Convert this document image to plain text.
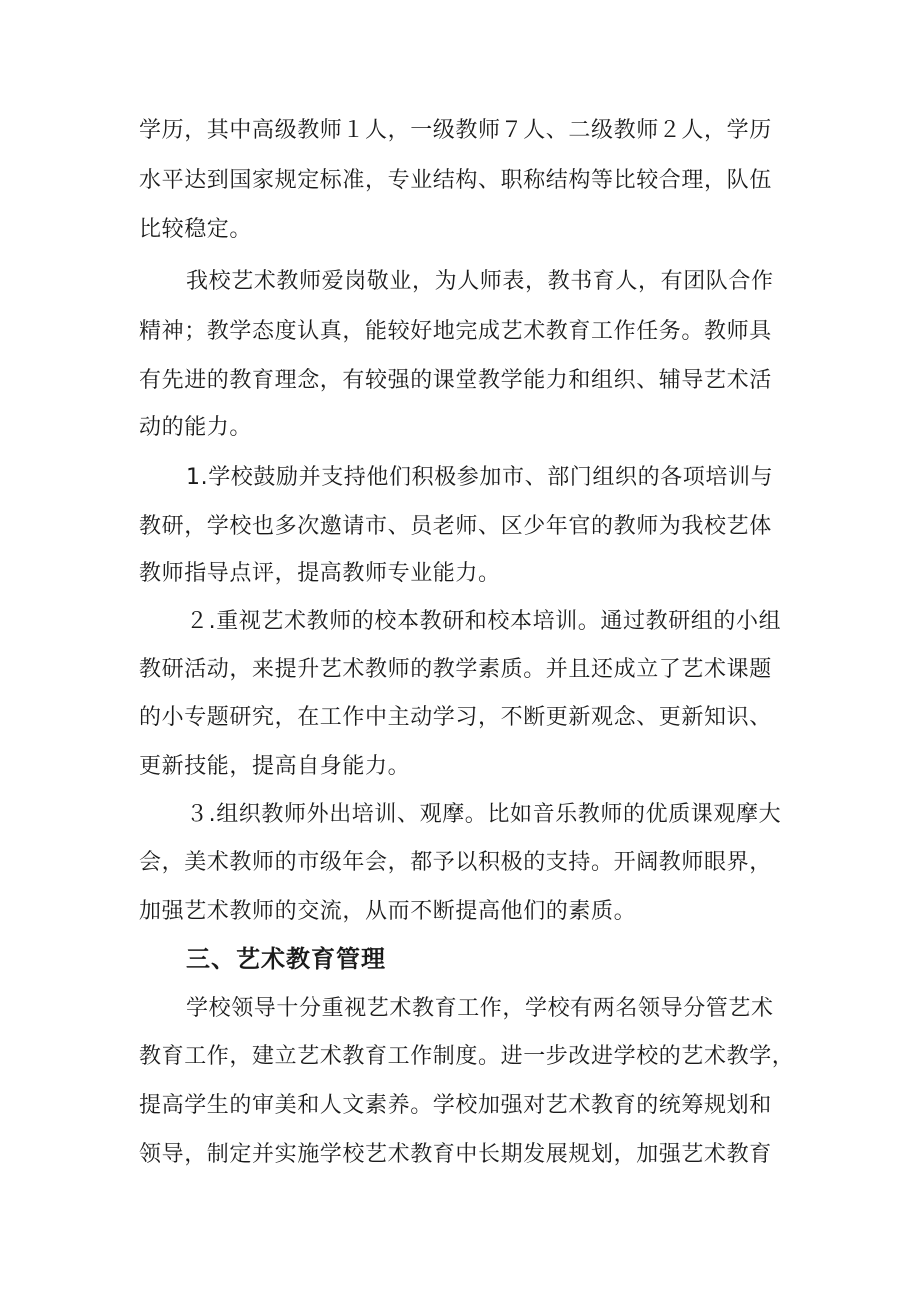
学历，其中高级教师１人，一级教师７人、二级教师２人，学历
水平达到国家规定标准，专业结构、职称结构等比较合理，队伍
比较稳定。
我校艺术教师爱岗敬业，为人师表，教书育人，有团队合作
精神；教学态度认真，能较好地完成艺术教育工作任务。教师具
有先进的教育理念，有较强的课堂教学能力和组织、辅导艺术活
动的能力。
1.学校鼓励并支持他们积极参加市、部门组织的各项培训与
教研，学校也多次邀请市、员老师、区少年官的教师为我校艺体
教师指导点评，提高教师专业能力。
２.重视艺术教师的校本教研和校本培训。通过教研组的小组
教研活动，来提升艺术教师的教学素质。并且还成立了艺术课题
的小专题研究，在工作中主动学习，不断更新观念、更新知识、
更新技能，提高自身能力。
３.组织教师外出培训、观摩。比如音乐教师的优质课观摩大
会，美术教师的市级年会，都予以积极的支持。开阔教师眼界，
加强艺术教师的交流，从而不断提高他们的素质。
三、艺术教育管理
学校领导十分重视艺术教育工作，学校有两名领导分管艺术
教育工作，建立艺术教育工作制度。进一步改进学校的艺术教学，
提高学生的审美和人文素养。学校加强对艺术教育的统筹规划和
领导，制定并实施学校艺术教育中长期发展规划，加强艺术教育
